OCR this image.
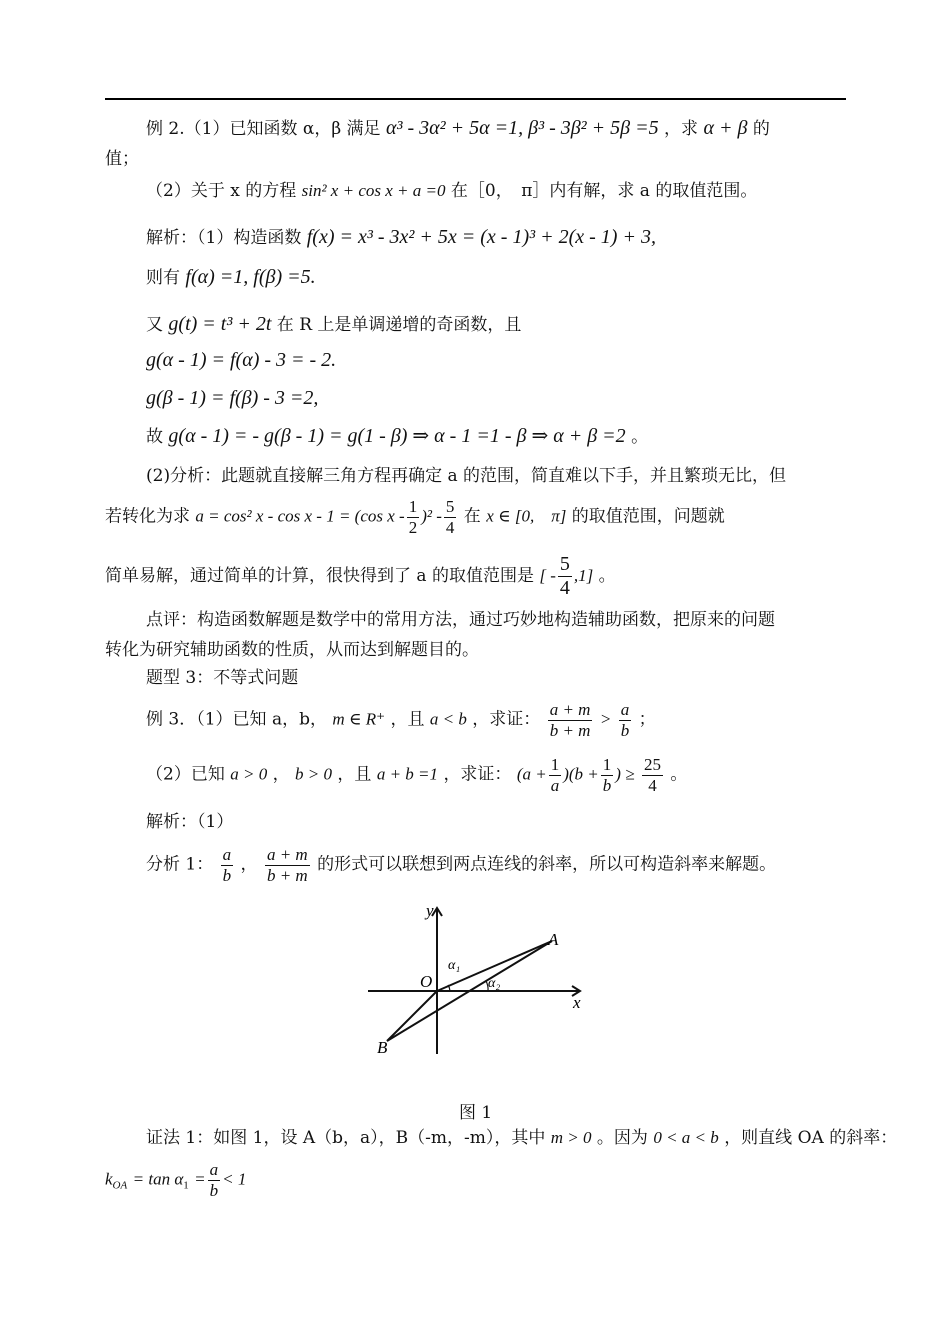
例 2.（1）已知函数 α，β 满足 α³ - 3α² + 5α =1, β³ - 3β² + 5β =5 ，求 α + β 的
值；
（2）关于 x 的方程 sin² x + cos x + a =0 在［0，　π］内有解，求 a 的取值范围。
解析：（1）构造函数 f(x) = x³ - 3x² + 5x = (x - 1)³ + 2(x - 1) + 3,
则有 f(α) =1, f(β) =5.
又 g(t) = t³ + 2t 在 R 上是单调递增的奇函数，且
g(α - 1) = f(α) - 3 = - 2.
g(β - 1) = f(β) - 3 =2,
故 g(α - 1) = - g(β - 1) = g(1 - β) ⇒ α - 1 =1 - β ⇒ α + β =2 。
(2)分析：此题就直接解三角方程再确定 a 的范围，简直难以下手，并且繁琐无比，但
若转化为求 a = cos² x - cos x - 1 = (cos x - $\frac{1}{2} )^2 - \frac{5}{4}$ 在 x ∈ [0,　π] 的取值范围，问题就
简单易解，通过简单的计算，很快得到了 a 的取值范围是 [ - $\frac{5}{4} ,1$] 。
点评：构造函数解题是数学中的常用方法，通过巧妙地构造辅助函数，把原来的问题
转化为研究辅助函数的性质，从而达到解题目的。
题型 3：不等式问题
例 3．（1）已知 a，b， m ∈ R⁺ ，且 a < b ，求证： $\frac{a + m}{b + m} > \frac{a}{b}$ ；
（2）已知 a > 0 ， b > 0 ，且 a + b =1 ，求证： $(a + \frac{1}{a} )(b + \frac{1}{b}$ ) ≥ $\frac{25}{4}$ 。
解析：（1）
分析 1： $\frac{a}{b}$ ， $\frac{a + m}{b + m}$ 的形式可以联想到两点连线的斜率，所以可构造斜率来解题。
y
x
O
A
B
α₁
α₂
图 1
证法 1：如图 1，设 A（b，a），B（-m，-m），其中 m > 0 。因为 0 < a < b ，则直线 OA 的斜率：
$k_{OA} = \tan \alpha_1 = \frac{a}{b} < 1$
